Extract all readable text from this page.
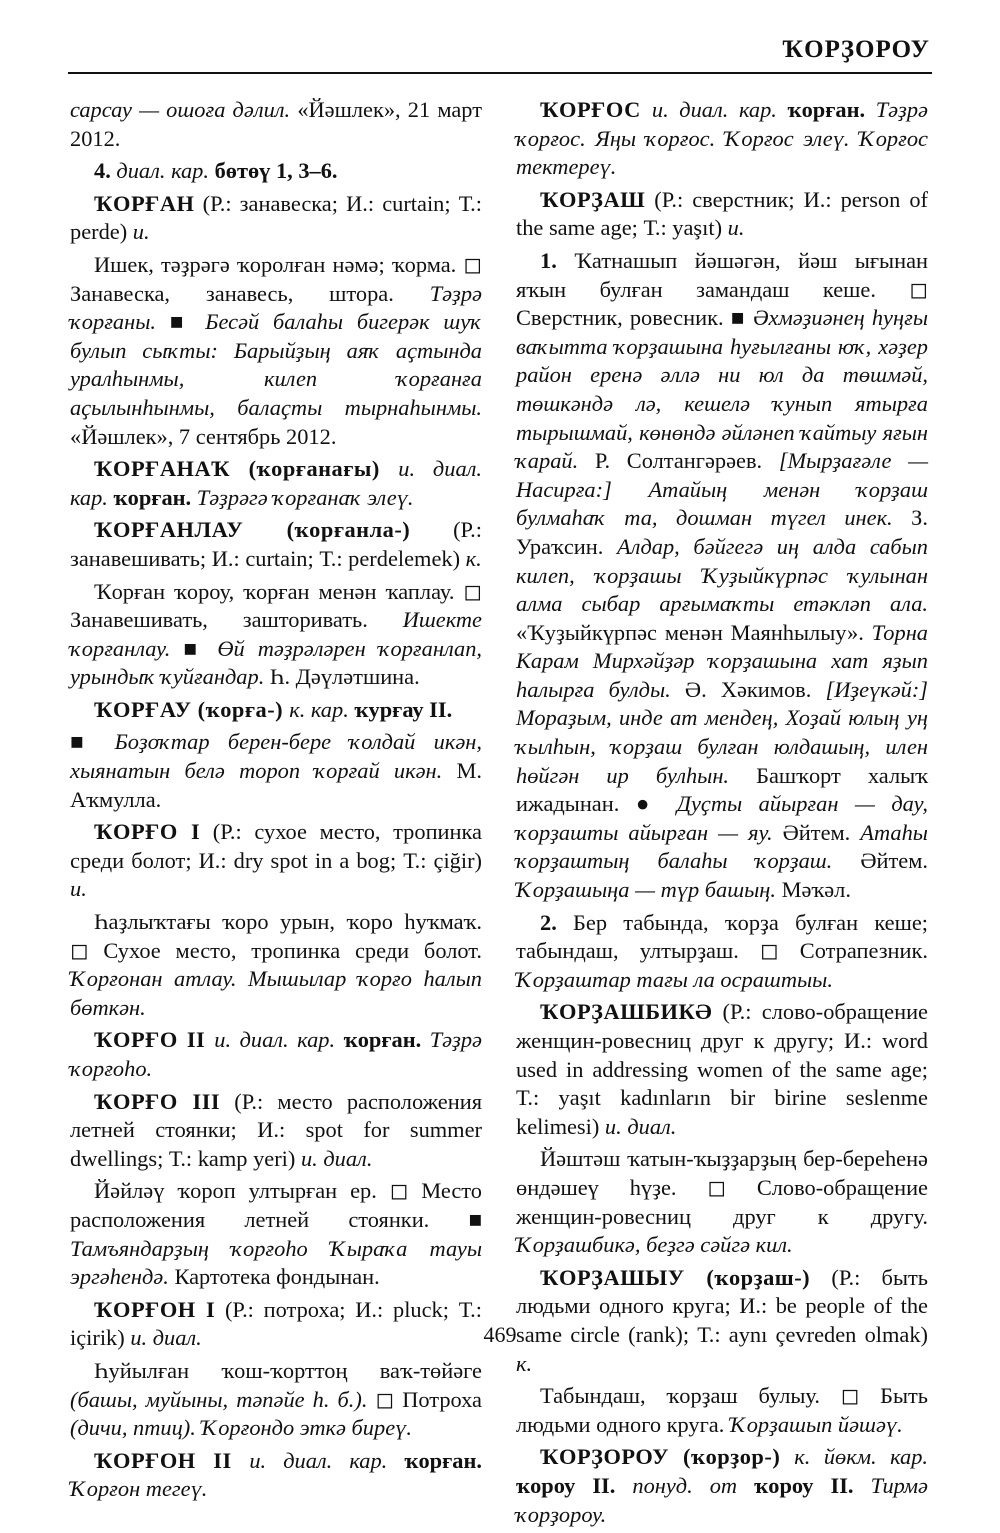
ҠОРҘОРОУ

сарсау — ошоға дәлил. «Йәшлек», 21 март 2012.

4. диал. кар. бөтөү 1, 3–6.

ҠОРҒАН (Р.: занавеска; И.: curtain; Т.: perde) и.

Ишек, тәҙрәгә ҡоролған нәмә; ҡорма. ◻ Занавеска, занавесь, штора. Тәҙрә ҡорғаны. ■ Бесәй балаһы бигерәк шуҡ булып сыҡты: Барыйҙың аяҡ аҫтында уралһынмы, килеп ҡорғанға аҫылынһынмы, балаҫты тырнаһынмы. «Йәшлек», 7 сентябрь 2012.

ҠОРҒАНАҠ (ҡорғанағы) и. диал. кар. ҡорған. Тәҙрәгә ҡорғанаҡ элеү.

ҠОРҒАНЛАУ (ҡорғанла-) (Р.: занавешивать; И.: curtain; Т.: perdelemek) к.

Ҡорған ҡороу, ҡорған менән ҡаплау. ◻ Занавешивать, зашторивать. Ишекте ҡорғанлау. ■ Өй тәҙрәләрен ҡорғанлап, урындыҡ ҡуйғандар. Һ. Дәүләтшина.

ҠОРҒАУ (ҡорға-) к. кар. ҡурғау II.

■ Боҙоҡтар берен-бере ҡолдай икән, хыянатын белә тороп ҡорғай икән. М. Аҡмулла.

ҠОРҒО I (Р.: сухое место, тропинка среди болот; И.: dry spot in a bog; Т.: çiğir) и.

Һаҙлыҡтағы ҡоро урын, ҡоро һуҡмаҡ. ◻ Сухое место, тропинка среди болот. Ҡорғонан атлау. Мышылар ҡорғо һалып бөткән.

ҠОРҒО II и. диал. кар. ҡорған. Тәҙрә ҡорғоһо.

ҠОРҒО III (Р.: место расположения летней стоянки; И.: spot for summer dwellings; Т.: kamp yeri) и. диал.

Йәйләү ҡороп ултырған ер. ◻ Место расположения летней стоянки. ■ Тамъяндарҙың ҡорғоһо Ҡыраҡа тауы эргәһендә. Картотека фондынан.

ҠОРҒОН I (Р.: потроха; И.: pluck; Т.: içirik) и. диал.

Һуйылған ҡош-ҡорттоң ваҡ-төйәге (башы, муйыны, тәпәйе һ. б.). ◻ Потроха (дичи, птиц). Ҡорғондо эткә биреү.

ҠОРҒОН II и. диал. кар. ҡорған. Ҡорғон тегеү.

ҠОРҒОС и. диал. кар. ҡорған. Тәҙрә ҡорғос. Яңы ҡорғос. Ҡорғос элеү. Ҡорғос тектереү.

ҠОРҘАШ (Р.: сверстник; И.: person of the same age; Т.: yaşıt) и.

1. Ҡатнашып йәшәгән, йәш ығынан яҡын булған замандаш кеше. ◻ Сверстник, ровесник. ■ Әхмәҙиәнең һуңғы ваҡытта ҡорҙашына һуғылғаны юҡ, хәҙер район еренә әллә ни юл да төшмәй, төшкәндә лә, кешелә ҡунып ятырға тырышмай, көнөндә әйләнеп ҡайтыу яғын ҡарай. Р. Солтангәрәев. [Мырҙағәле — Насирға:] Атайың менән ҡорҙаш булмаһаҡ та, дошман түгел инек. З. Ураҡсин. Алдар, бәйгегә иң алда сабып килеп, ҡорҙашы Ҡуҙыйкүрпәс ҡулынан алма сыбар арғымаҡты етәкләп ала. «Ҡуҙыйкүрпәс менән Маянһылыу». Торна Карам Мирхәйҙәр ҡорҙашына хат яҙып һалырға булды. Ә. Хәкимов. [Иҙеүкәй:] Мораҙым, инде ат мендең, Хоҙай юлың уң ҡылһын, ҡорҙаш булған юлдашың, илен һөйгән ир булһын. Башҡорт халыҡ ижадынан. ● Дуҫты айырған — дау, ҡорҙашты айырған — яу. Әйтем. Атаһы ҡорҙаштың балаһы ҡорҙаш. Әйтем. Ҡорҙашыңа — түр башың. Мәҡәл.

2. Бер табында, ҡорҙа булған кеше; табындаш, ултырҙаш. ◻ Сотрапезник. Ҡорҙаштар тағы ла осраштыы.

ҠОРҘАШБИКӘ (Р.: слово-обращение женщин-ровесниц друг к другу; И.: word used in addressing women of the same age; Т.: yaşıt kadınların bir birine seslenme kelimesi) и. диал.

Йәштәш ҡатын-ҡыҙҙарҙың бер-береһенә өндәшеү һүҙе. ◻ Слово-обращение женщин-ровесниц друг к другу. Ҡорҙашбикә, беҙгә сәйгә кил.

ҠОРҘАШЫУ (ҡорҙаш-) (Р.: быть людьми одного круга; И.: be people of the same circle (rank); Т.: aynı çevreden olmak) к.

Табындаш, ҡорҙаш булыу. ◻ Быть людьми одного круга. Ҡорҙашып йәшәү.

ҠОРҘОРОУ (ҡорҙор-) к. йөкм. кар. ҡороу II. понуд. от ҡороу II. Тирмә ҡорҙороу.

469
